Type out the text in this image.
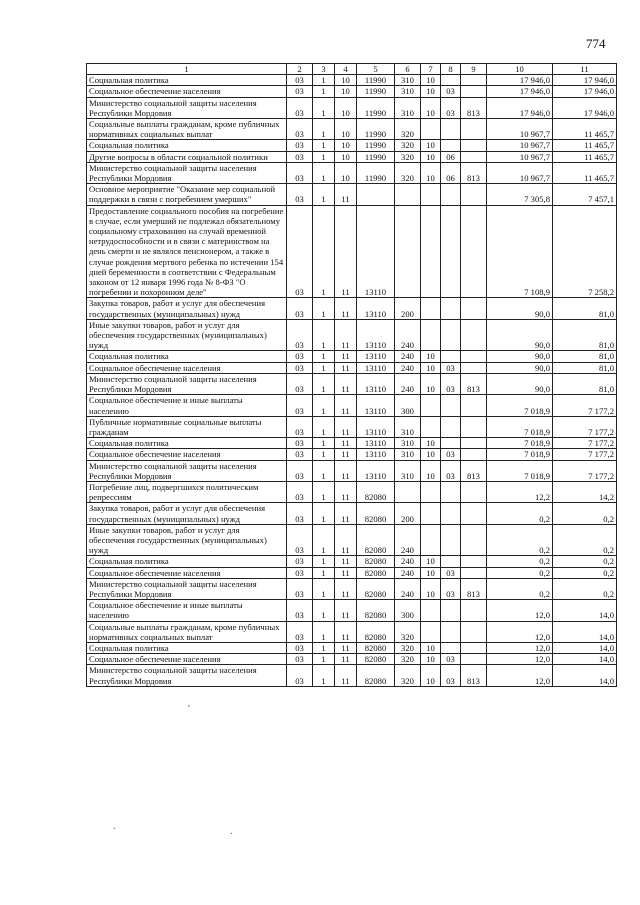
774
1	2	3	4	5	6	7	8	9	10	11
Социальная политика	03	1	10	11990	310	10			17 946,0	17 946,0
Социальное обеспечение населения	03	1	10	11990	310	10	03		17 946,0	17 946,0
Министерство социальной защиты населения Республики Мордовия	03	1	10	11990	310	10	03	813	17 946,0	17 946,0
Социальные выплаты гражданам, кроме публичных нормативных социальных выплат	03	1	10	11990	320				10 967,7	11 465,7
Социальная политика	03	1	10	11990	320	10			10 967,7	11 465,7
Другие вопросы в области социальной политики	03	1	10	11990	320	10	06		10 967,7	11 465,7
Министерство социальной защиты населения Республики Мордовия	03	1	10	11990	320	10	06	813	10 967,7	11 465,7
Основное мероприятие "Оказание мер социальной поддержки в связи с погребением умерших"	03	1	11						7 305,8	7 457,1
Предоставление социального пособия на погребение в случае, если умерший не подлежал обязательному социальному страхованию на случай временной нетрудоспособности и в связи с материнством на день смерти и не являлся пенсионером, а также в случае рождения мертвого ребенка по истечении 154 дней беременности в соответствии с Федеральным законом от 12 января 1996 года № 8-ФЗ "О погребении и похоронном деле"	03	1	11	13110					7 108,9	7 258,2
Закупка товаров, работ и услуг для обеспечения государственных (муниципальных) нужд	03	1	11	13110	200				90,0	81,0
Иные закупки товаров, работ и услуг для обеспечения государственных (муниципальных) нужд	03	1	11	13110	240				90,0	81,0
Социальная политика	03	1	11	13110	240	10			90,0	81,0
Социальное обеспечение населения	03	1	11	13110	240	10	03		90,0	81,0
Министерство социальной защиты населения Республики Мордовия	03	1	11	13110	240	10	03	813	90,0	81,0
Социальное обеспечение и иные выплаты населению	03	1	11	13110	300				7 018,9	7 177,2
Публичные нормативные социальные выплаты гражданам	03	1	11	13110	310				7 018,9	7 177,2
Социальная политика	03	1	11	13110	310	10			7 018,9	7 177,2
Социальное обеспечение населения	03	1	11	13110	310	10	03		7 018,9	7 177,2
Министерство социальной защиты населения Республики Мордовия	03	1	11	13110	310	10	03	813	7 018,9	7 177,2
Погребение лиц, подвергшихся политическим репрессиям	03	1	11	82080					12,2	14,2
Закупка товаров, работ и услуг для обеспечения государственных (муниципальных) нужд	03	1	11	82080	200				0,2	0,2
Иные закупки товаров, работ и услуг для обеспечения государственных (муниципальных) нужд	03	1	11	82080	240				0,2	0,2
Социальная политика	03	1	11	82080	240	10			0,2	0,2
Социальное обеспечение населения	03	1	11	82080	240	10	03		0,2	0,2
Министерство социальной защиты населения Республики Мордовия	03	1	11	82080	240	10	03	813	0,2	0,2
Социальное обеспечение и иные выплаты населению	03	1	11	82080	300				12,0	14,0
Социальные выплаты гражданам, кроме публичных нормативных социальных выплат	03	1	11	82080	320				12,0	14,0
Социальная политика	03	1	11	82080	320	10			12,0	14,0
Социальное обеспечение населения	03	1	11	82080	320	10	03		12,0	14,0
Министерство социальной защиты населения Республики Мордовия	03	1	11	82080	320	10	03	813	12,0	14,0
'
.	.
